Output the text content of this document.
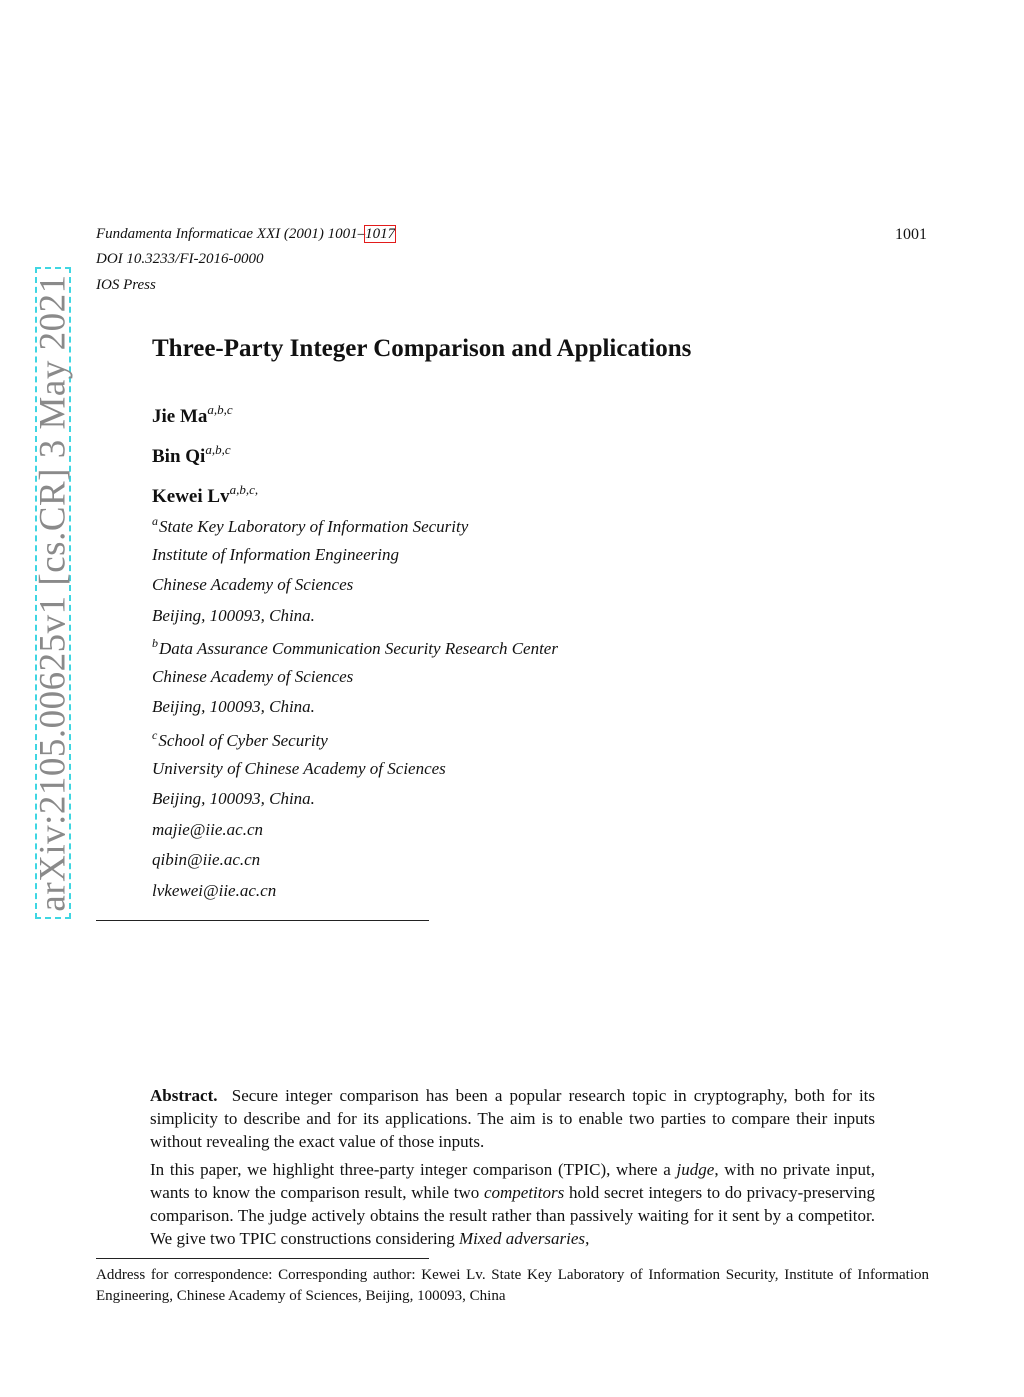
arXiv:2105.00625v1 [cs.CR] 3 May 2021
Fundamenta Informaticae XXI (2001) 1001–1017	1001
DOI 10.3233/FI-2016-0000
IOS Press
Three-Party Integer Comparison and Applications
Jie Ma$^{a,b,c}$
Bin Qi$^{a,b,c}$
Kewei $Lv^{a,b,c,}$
$^a$State Key Laboratory of Information Security
Institute of Information Engineering
Chinese Academy of Sciences
Beijing, 100093, China.
$^b$Data Assurance Communication Security Research Center
Chinese Academy of Sciences
Beijing, 100093, China.
$^c$School of Cyber Security
University of Chinese Academy of Sciences
Beijing, 100093, China.
majie@iie.ac.cn
qibin@iie.ac.cn
lvkewei@iie.ac.cn

Abstract. Secure integer comparison has been a popular research topic in cryptography, both for its simplicity to describe and for its applications. The aim is to enable two parties to compare their inputs without revealing the exact value of those inputs.

In this paper, we highlight three-party integer comparison (TPIC), where a judge, with no private input, wants to know the comparison result, while two competitors hold secret integers to do privacy-preserving comparison. The judge actively obtains the result rather than passively waiting for it sent by a competitor. We give two TPIC constructions considering Mixed adversaries,

Address for correspondence: Corresponding author: Kewei Lv. State Key Laboratory of Information Security, Institute of Information Engineering, Chinese Academy of Sciences, Beijing, 100093, China
